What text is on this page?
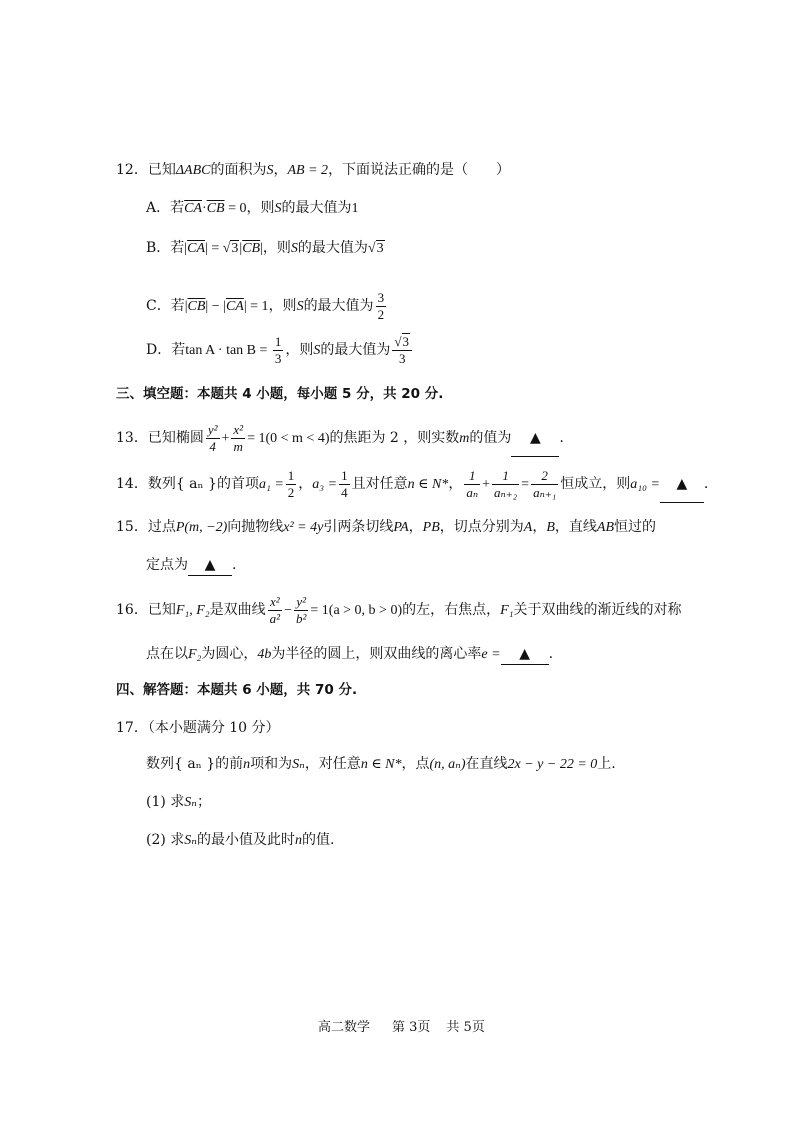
12．已知ΔABC的面积为S，AB = 2，下面说法正确的是（　　）
A．若$\overline{CA}\cdot\overline{CB} = 0$，则S的最大值为1
B．若$|\overline{CA}| = √3|\overline{CB}|$，则S的最大值为√3
C．若$|\overline{CB}| - |\overline{CA}| = 1$，则S的最大值为 $\frac{3}{2}$
D．若$\tan A \cdot \tan B = \frac{1}{3}$ ，则S的最大值为 $\frac{√3}{3}$
三、填空题：本题共 4 小题，每小题 5 分，共 20 分.
13．已知椭圆 $\frac{\text{y²}}{4} + \frac{\text{x²}}{m} = 1(0 < m < 4)$的焦距为 2 ，则实数m的值为 ▲ .
14．数列{ aₙ }的首项$a_1 = \frac{1}{2}$ ，$a_3 = \frac{1}{4}$ 且对任意n ∈ N*， $\frac{1}{\text{aₙ}} + \frac{1}{\text{aₙ₊₂}} = \frac{2}{\text{aₙ₊₁}}$ 恒成立，则a₁₀ = ▲ .
15．过点P(m, −2)向抛物线x² = 4y引两条切线PA，PB，切点分别为A，B，直线AB恒过的
定点为 ▲ .
16．已知F₁, F₂是双曲线 $\frac{\text{x²}}{\text{a²}} - \frac{\text{y²}}{\text{b²}} = 1(a > 0$, b > 0)的左，右焦点，F₁关于双曲线的渐近线的对称
点在以F₂为圆心，4b为半径的圆上，则双曲线的离心率e = ▲ .
四、解答题：本题共 6 小题，共 70 分.
17．（本小题满分 10 分）
数列{ aₙ }的前n项和为Sₙ，对任意n ∈ N*，点(n, aₙ)在直线2x − y − 22 = 0上.
(1) 求Sₙ；
(2) 求Sₙ的最小值及此时n的值.
高二数学 第 3页 共 5页
